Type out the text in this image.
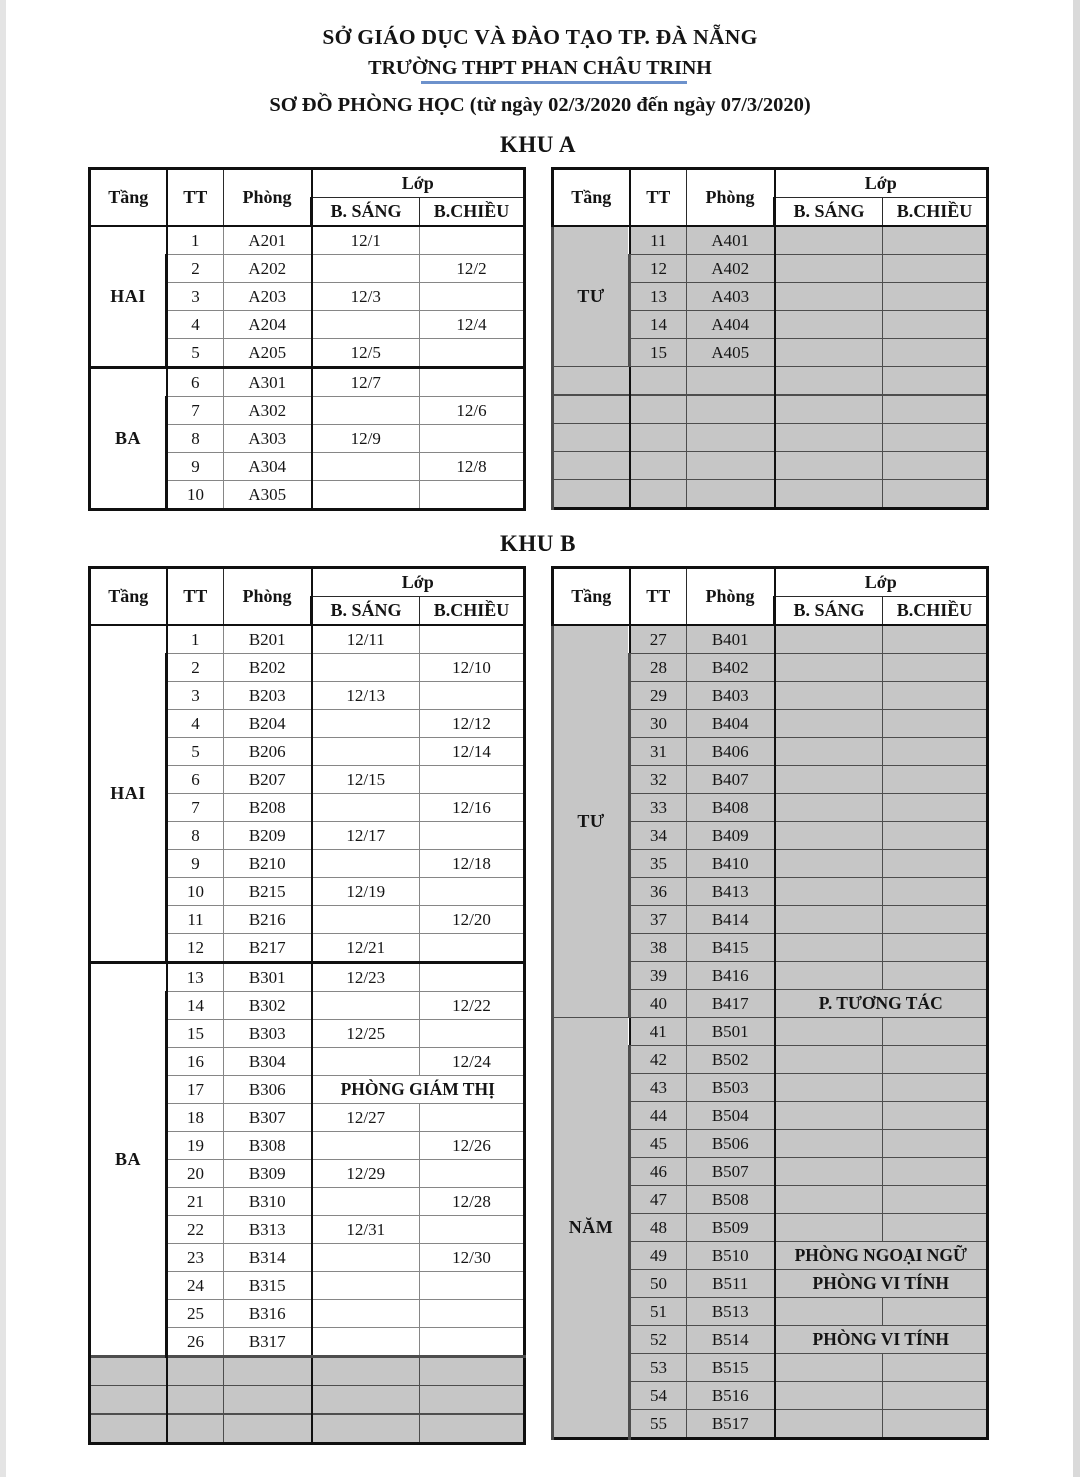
SỞ GIÁO DỤC VÀ ĐÀO TẠO TP. ĐÀ NẴNG
TRƯỜNG THPT PHAN CHÂU TRINH
SƠ ĐỒ PHÒNG HỌC (từ ngày 02/3/2020 đến ngày 07/3/2020)
KHU A
Tầng	TT	Phòng	Lớp	
			B. SÁNG	B.CHIỀU
HAI	1	A201	12/1	
	2	A202		12/2
	3	A203	12/3	
	4	A204		12/4
	5	A205	12/5	
BA	6	A301	12/7	
	7	A302		12/6
	8	A303	12/9	
	9	A304		12/8
	10	A305		
Tầng	TT	Phòng	Lớp	
			B. SÁNG	B.CHIỀU
TƯ	11	A401		
	12	A402		
	13	A403		
	14	A404		
	15	A405		

KHU B
Tầng	TT	Phòng	Lớp	
			B. SÁNG	B.CHIỀU
HAI	1	B201	12/11	
	2	B202		12/10
	3	B203	12/13	
	4	B204		12/12
	5	B206		12/14
	6	B207	12/15	
	7	B208		12/16
	8	B209	12/17	
	9	B210		12/18
	10	B215	12/19	
	11	B216		12/20
	12	B217	12/21	
BA	13	B301	12/23	
	14	B302		12/22
	15	B303	12/25	
	16	B304		12/24
	17	B306	PHÒNG GIÁM THỊ	
	18	B307	12/27	
	19	B308		12/26
	20	B309	12/29	
	21	B310		12/28
	22	B313	12/31	
	23	B314		12/30
	24	B315		
	25	B316		
	26	B317		

Tầng	TT	Phòng	Lớp	
			B. SÁNG	B.CHIỀU
TƯ	27	B401		
	28	B402		
	29	B403		
	30	B404		
	31	B406		
	32	B407		
	33	B408		
	34	B409		
	35	B410		
	36	B413		
	37	B414		
	38	B415		
	39	B416		
	40	B417	P. TƯƠNG TÁC	
NĂM	41	B501		
	42	B502		
	43	B503		
	44	B504		
	45	B506		
	46	B507		
	47	B508		
	48	B509		
	49	B510	PHÒNG NGOẠI NGỮ	
	50	B511	PHÒNG VI TÍNH	
	51	B513		
	52	B514	PHÒNG VI TÍNH	
	53	B515		
	54	B516		
	55	B517		
